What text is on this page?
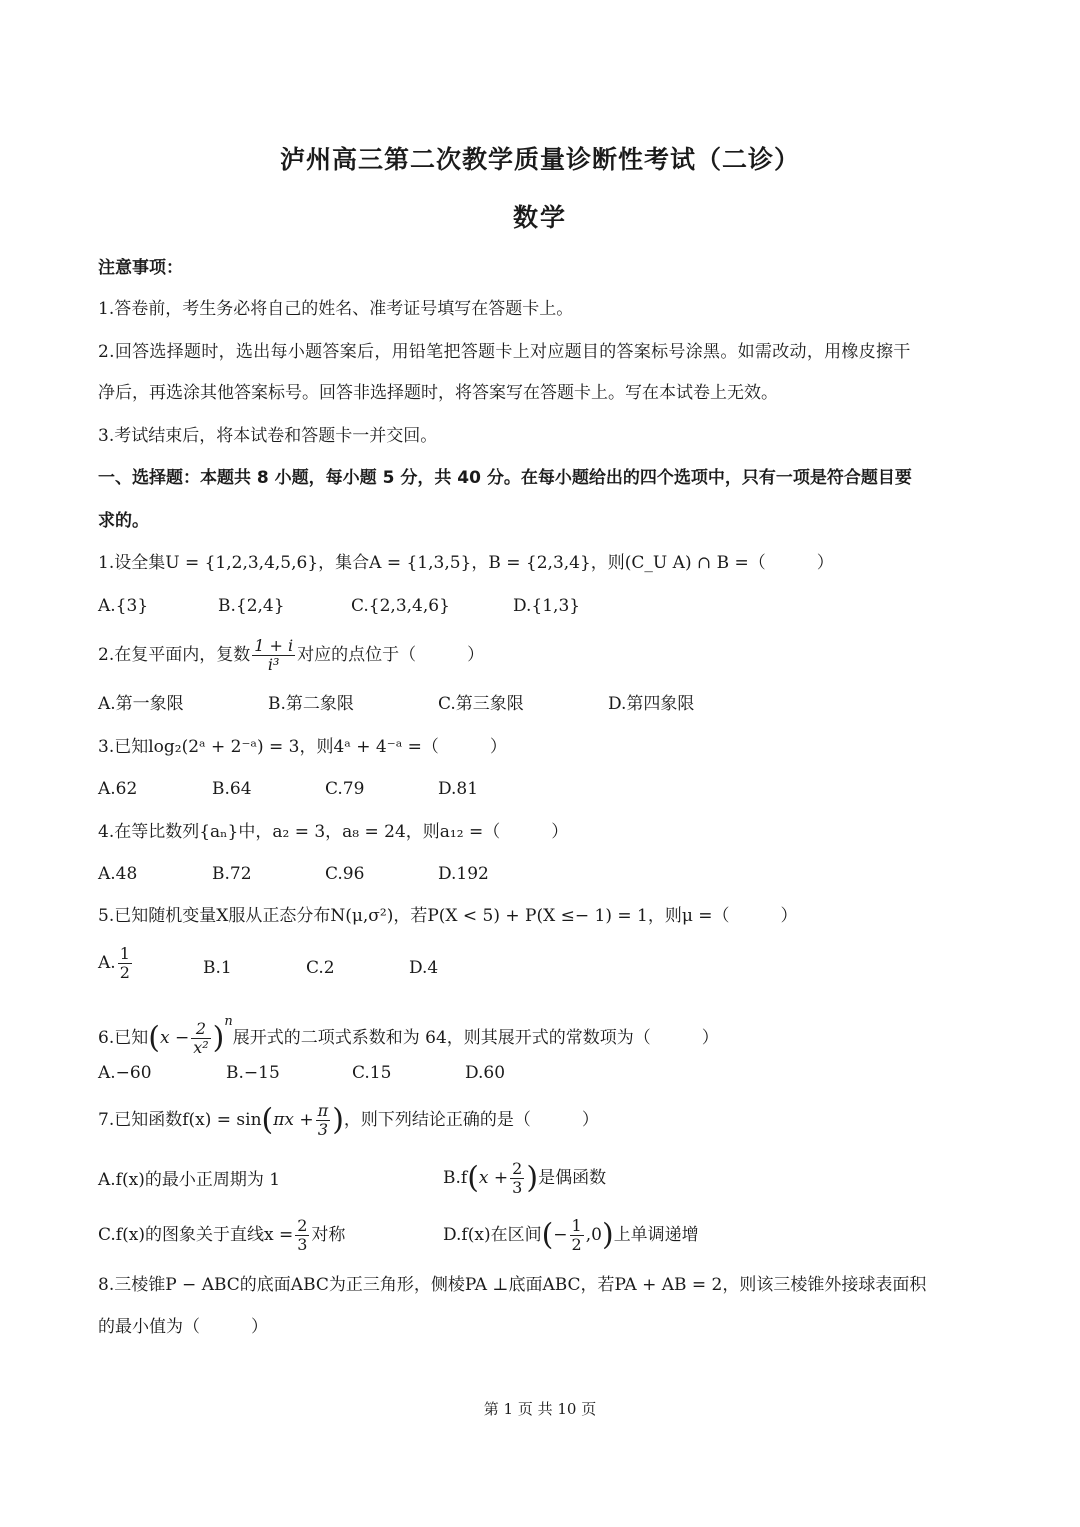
泸州高三第二次教学质量诊断性考试（二诊）
数学
注意事项：
1.答卷前，考生务必将自己的姓名、准考证号填写在答题卡上。
2.回答选择题时，选出每小题答案后，用铅笔把答题卡上对应题目的答案标号涂黑。如需改动，用橡皮擦干
净后，再选涂其他答案标号。回答非选择题时，将答案写在答题卡上。写在本试卷上无效。
3.考试结束后，将本试卷和答题卡一并交回。
一、选择题：本题共 8 小题，每小题 5 分，共 40 分。在每小题给出的四个选项中，只有一项是符合题目要
求的。
1.设全集U = {1,2,3,4,5,6}，集合A = {1,3,5}，B = {2,3,4}，则(C_U A) ∩ B =（　　　）
A.{3}	B.{2,4}	C.{2,3,4,6}	D.{1,3}
2.在复平面内，复数 $\frac{1 + i}{\text{i³}}$ 对应的点位于（　　　）
A.第一象限	B.第二象限	C.第三象限	D.第四象限
3.已知log₂(2ᵃ + 2⁻ᵃ) = 3，则4ᵃ + 4⁻ᵃ =（　　　）
A.62	B.64	C.79	D.81
4.在等比数列{aₙ}中，a₂ = 3，a₈ = 24，则a₁₂ =（　　　）
A.48	B.72	C.96	D.192
5.已知随机变量X服从正态分布N(μ,σ²)，若P(X < 5) + P(X ≤− 1) = 1，则μ =（　　　）
A. $\frac{1}{2}$	B.1	C.2	D.4
6.已知$(x - \frac{2}{\text{x²}} )^n$展开式的二项式系数和为 64，则其展开式的常数项为（　　　）
A.−60	B.−15	C.15	D.60
7.已知函数$f(x) = \sin(\pi x + \frac{\pi}{3}$ )，则下列结论正确的是（　　　）
A.f(x)的最小正周期为 1	$B.f(x + \frac{2}{3}$ )是偶函数
C.f(x)的图象关于直线$x = \frac{2}{3}$ 对称	D.f(x)在区间(− $\frac{1}{2} ,0$)上单调递增
8.三棱锥P − ABC的底面ABC为正三角形，侧棱PA ⊥底面ABC，若PA + AB = 2，则该三棱锥外接球表面积
的最小值为（　　　）
第 1 页 共 10 页
